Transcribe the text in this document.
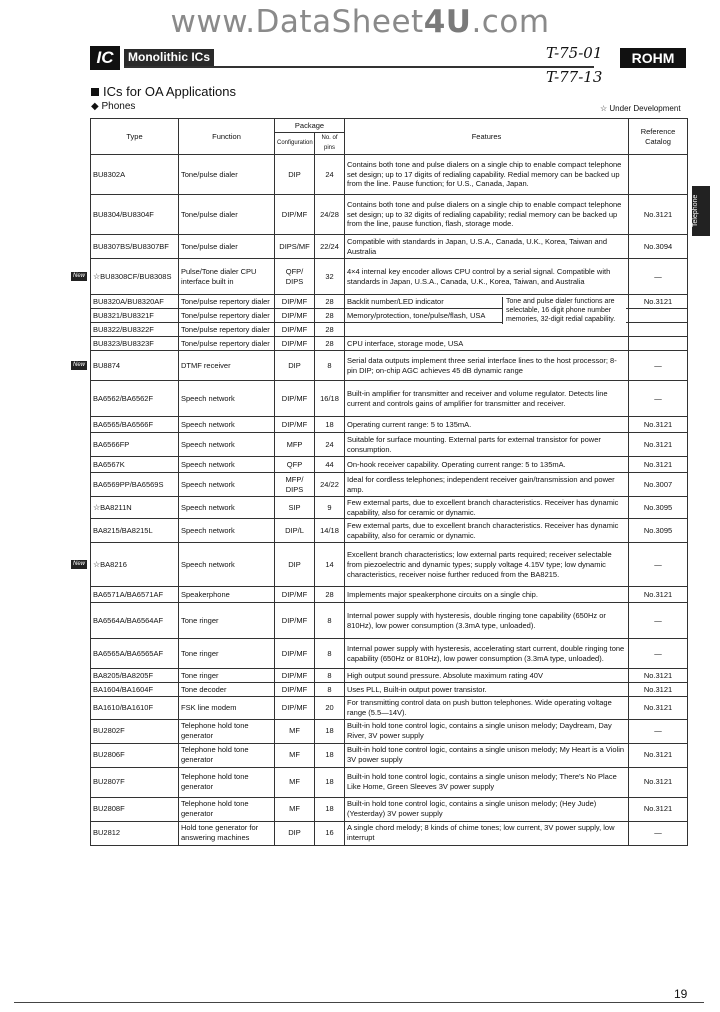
www.DataSheet4U.com
IC	Monolithic ICs	T-75-01
T-77-13
ROHM
ICs for OA Applications
◆ Phones	☆ Under Development
Telephone
Type	Function	Package		Features	Reference Catalog
		Configuration	No. of pins		
BU8302A	Tone/pulse dialer	DIP	24	Contains both tone and pulse dialers on a single chip to enable compact telephone set design; up to 17 digits of redialing capability. Redial memory can be backed up from the line. Pause function; for U.S., Canada, Japan.	
BU8304/BU8304F	Tone/pulse dialer	DIP/MF	24/28	Contains both tone and pulse dialers on a single chip to enable compact telephone set design; up to 32 digits of redialing capability; redial memory can be backed up from the line, pause function, flash, storage mode.	No.3121
BU8307BS/BU8307BF	Tone/pulse dialer	DIPS/MF	22/24	Compatible with standards in Japan, U.S.A., Canada, U.K., Korea, Taiwan and Australia	No.3094

New ☆BU8308CF/BU8308S	Pulse/Tone dialer CPU interface built in	QFP/ DIPS	32	4×4 internal key encoder allows CPU control by a serial signal. Compatible with standards in Japan, U.S.A., Canada, U.K., Korea, Taiwan, and Australia	—
BU8320A/BU8320AF	Tone/pulse repertory dialer	DIP/MF	28	Backlit number/LED indicator Tone and pulse dialer functions are selectable, 16 digit phone number memories, 32-digit redial capability.	No.3121
BU8321/BU8321F	Tone/pulse repertory dialer	DIP/MF	28	Memory/protection, tone/pulse/flash, USA	

BU8322/BU8322F	Tone/pulse repertory dialer	DIP/MF	28	

BU8323/BU8323F	Tone/pulse repertory dialer	DIP/MF	28	CPU interface, storage mode, USA	

New BU8874	DTMF receiver	DIP	8	Serial data outputs implement three serial interface lines to the host processor; 8-pin DIP; on-chip AGC achieves 45 dB dynamic range	—
BA6562/BA6562F	Speech network	DIP/MF	16/18	Built-in amplifier for transmitter and receiver and volume regulator. Detects line current and controls gains of amplifier for transmitter and receiver.	—
BA6565/BA6566F	Speech network	DIP/MF	18	Operating current range: 5 to 135mA.	No.3121
BA6566FP	Speech network	MFP	24	Suitable for surface mounting. External parts for external transistor for power consumption.	No.3121
BA6567K	Speech network	QFP	44	On-hook receiver capability. Operating current range: 5 to 135mA.	No.3121
BA6569PP/BA6569S	Speech network	MFP/ DIPS	24/22	Ideal for cordless telephones; independent receiver gain/transmission and power amp.	No.3007
☆BA8211N	Speech network	SIP	9	Few external parts, due to excellent branch characteristics. Receiver has dynamic capability, also for ceramic or dynamic.	No.3095
BA8215/BA8215L	Speech network	DIP/L	14/18	Few external parts, due to excellent branch characteristics. Receiver has dynamic capability, also for ceramic or dynamic.	No.3095

New ☆BA8216	Speech network	DIP	14	Excellent branch characteristics; low external parts required; receiver selectable from piezoelectric and dynamic types; supply voltage 4.15V type; low dynamic characteristics, receiver noise further reduced from the BA8215.	—
BA6571A/BA6571AF	Speakerphone	DIP/MF	28	Implements major speakerphone circuits on a single chip.	No.3121
BA6564A/BA6564AF	Tone ringer	DIP/MF	8	Internal power supply with hysteresis, double ringing tone capability (650Hz or 810Hz), low power consumption (3.3mA type, unloaded).	—
BA6565A/BA6565AF	Tone ringer	DIP/MF	8	Internal power supply with hysteresis, accelerating start current, double ringing tone capability (650Hz or 810Hz), low power consumption (3.3mA type, unloaded).	—
BA8205/BA8205F	Tone ringer	DIP/MF	8	High output sound pressure. Absolute maximum rating 40V	No.3121
BA1604/BA1604F	Tone decoder	DIP/MF	8	Uses PLL, Built-in output power transistor.	No.3121
BA1610/BA1610F	FSK line modem	DIP/MF	20	For transmitting control data on push button telephones. Wide operating voltage range (5.5—14V).	No.3121
BU2802F	Telephone hold tone generator	MF	18	Built-in hold tone control logic, contains a single unison melody; Daydream, Day River, 3V power supply	—
BU2806F	Telephone hold tone generator	MF	18	Built-in hold tone control logic, contains a single unison melody; My Heart is a Violin 3V power supply	No.3121
BU2807F	Telephone hold tone generator	MF	18	Built-in hold tone control logic, contains a single unison melody; There's No Place Like Home, Green Sleeves 3V power supply	No.3121
BU2808F	Telephone hold tone generator	MF	18	Built-in hold tone control logic, contains a single unison melody; (Hey Jude) (Yesterday) 3V power supply	No.3121
BU2812	Hold tone generator for answering machines	DIP	16	A single chord melody; 8 kinds of chime tones; low current, 3V power supply, low interrupt	—
19
